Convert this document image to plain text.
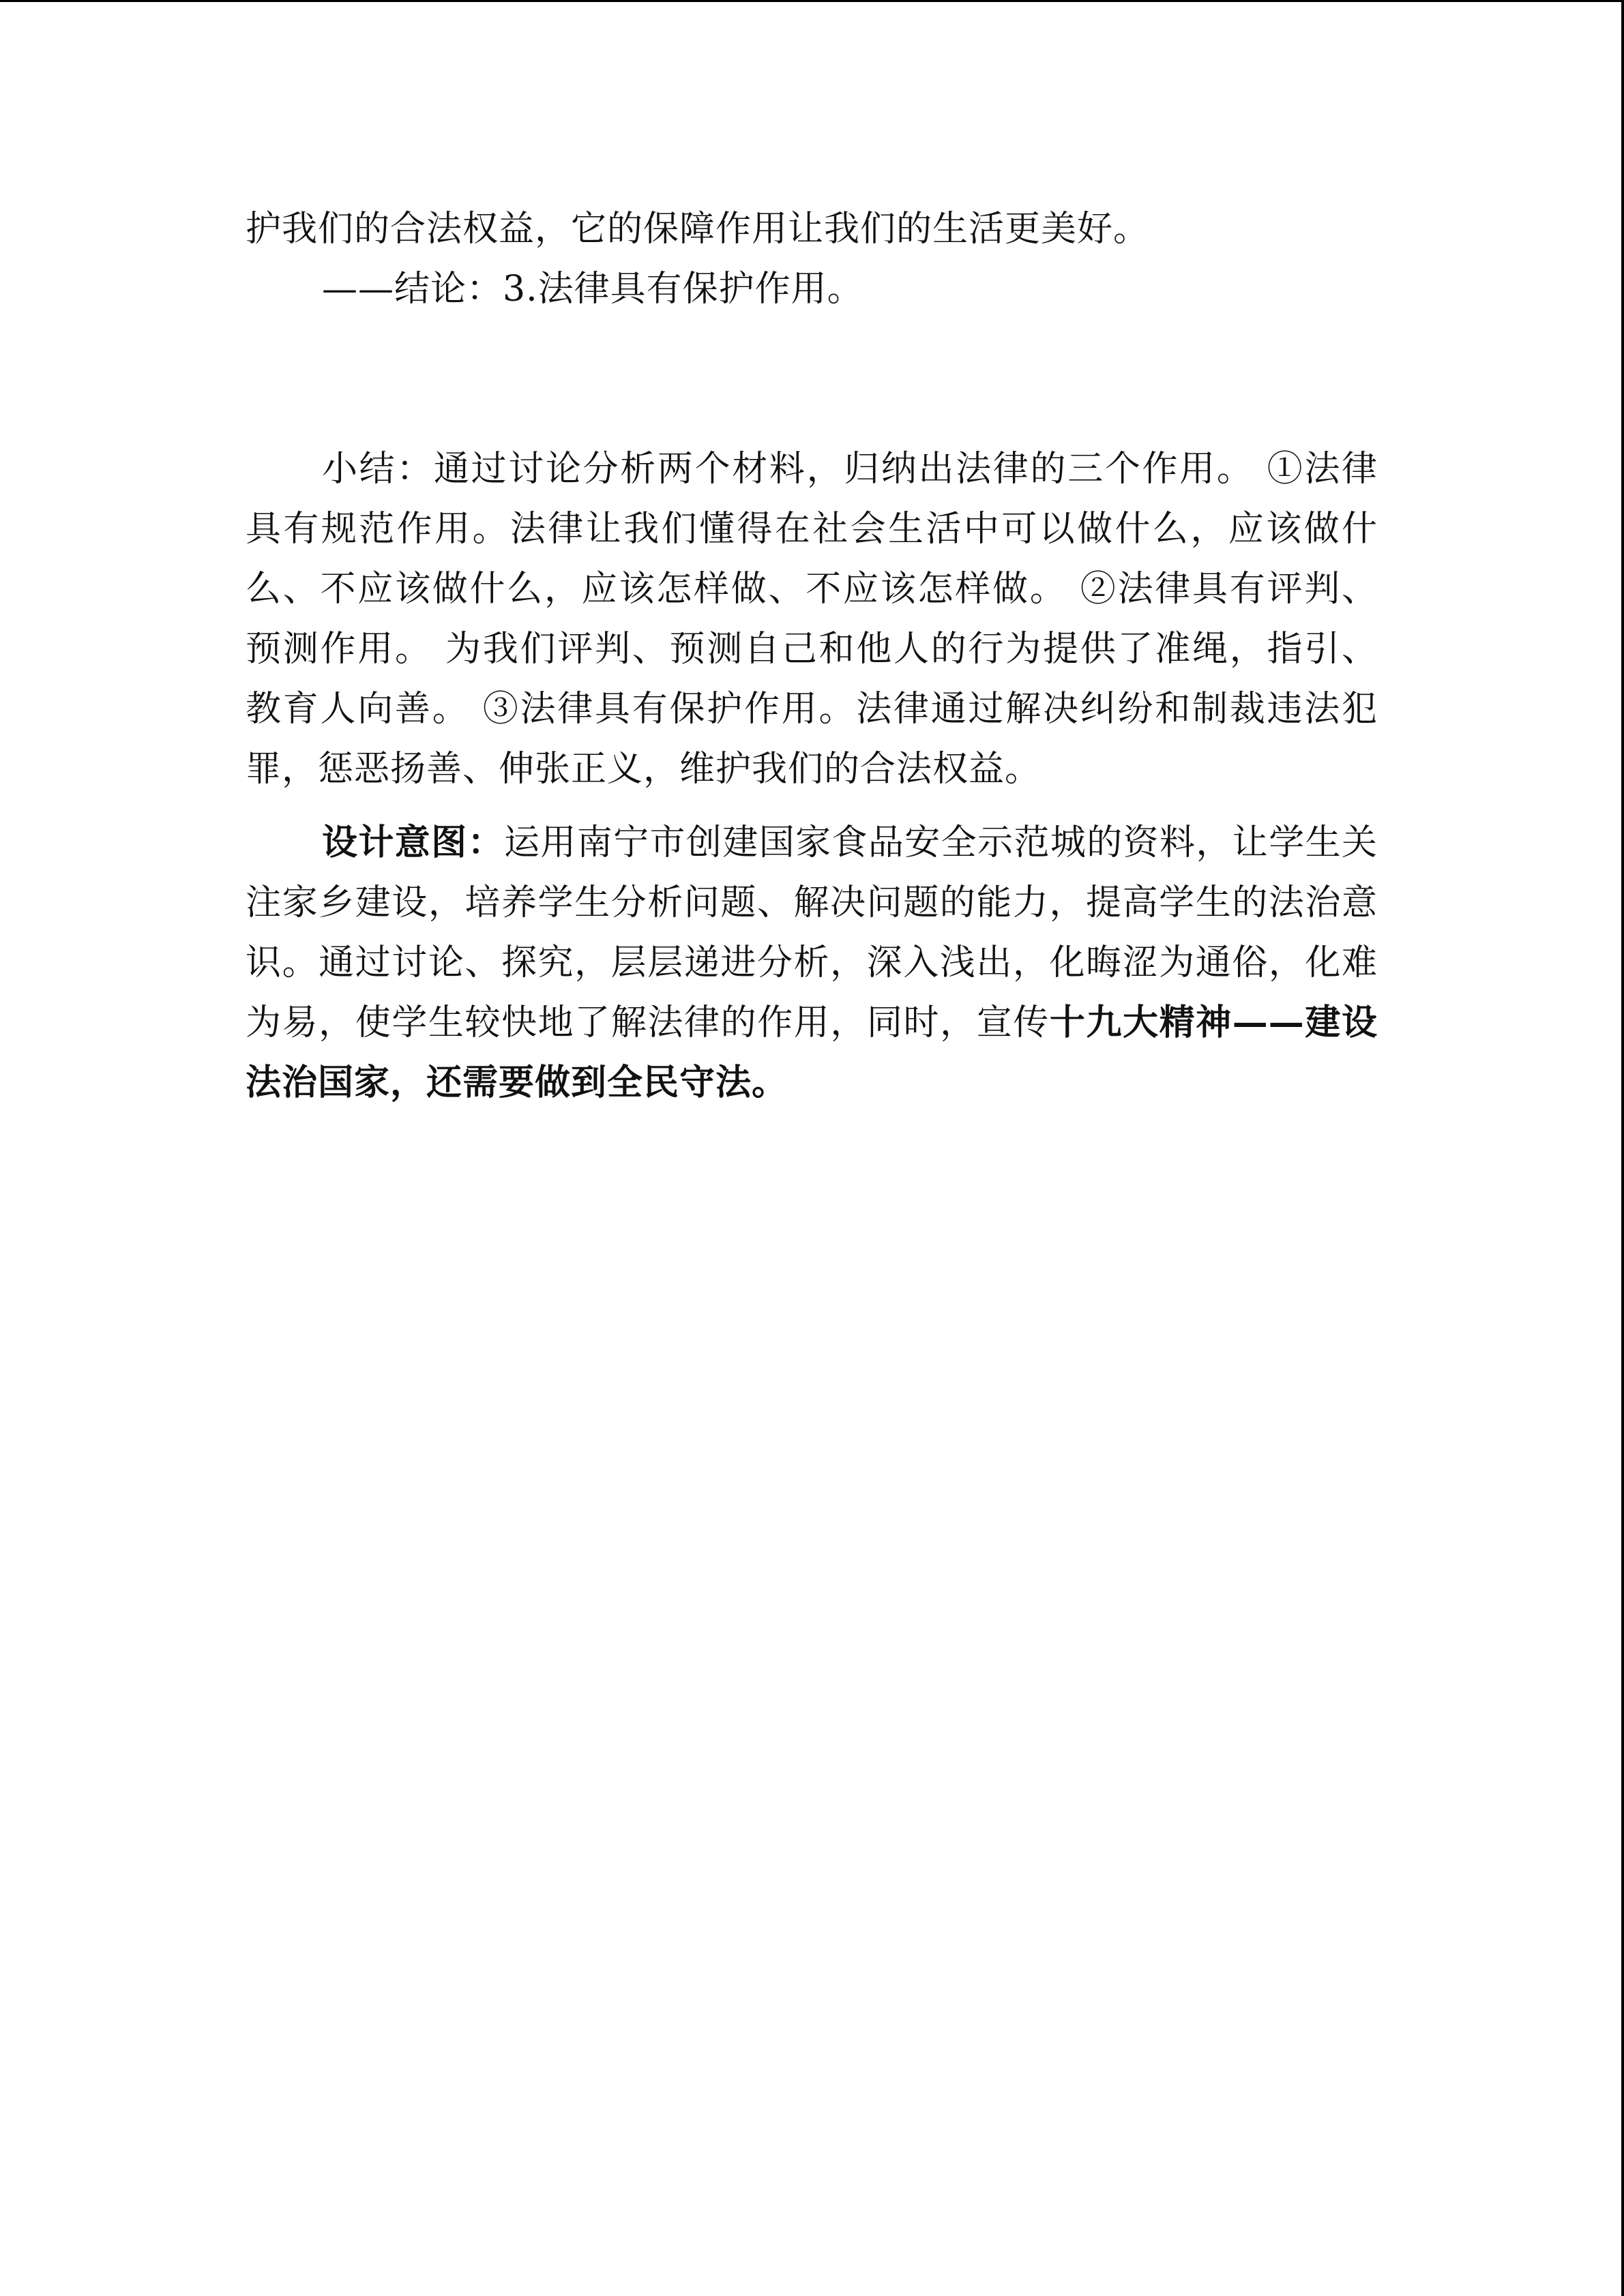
护我们的合法权益，它的保障作用让我们的生活更美好。

——结论：3.法律具有保护作用。

小结：通过讨论分析两个材料，归纳出法律的三个作用。 ①法律具有规范作用。法律让我们懂得在社会生活中可以做什么，应该做什么、不应该做什么，应该怎样做、不应该怎样做。 ②法律具有评判、预测作用。 为我们评判、预测自己和他人的行为提供了准绳，指引、教育人向善。 ③法律具有保护作用。法律通过解决纠纷和制裁违法犯罪，惩恶扬善、伸张正义，维护我们的合法权益。

设计意图：运用南宁市创建国家食品安全示范城的资料，让学生关注家乡建设，培养学生分析问题、解决问题的能力，提高学生的法治意识。通过讨论、探究，层层递进分析，深入浅出，化晦涩为通俗，化难为易，使学生较快地了解法律的作用，同时，宣传十九大精神——建设法治国家，还需要做到全民守法。
